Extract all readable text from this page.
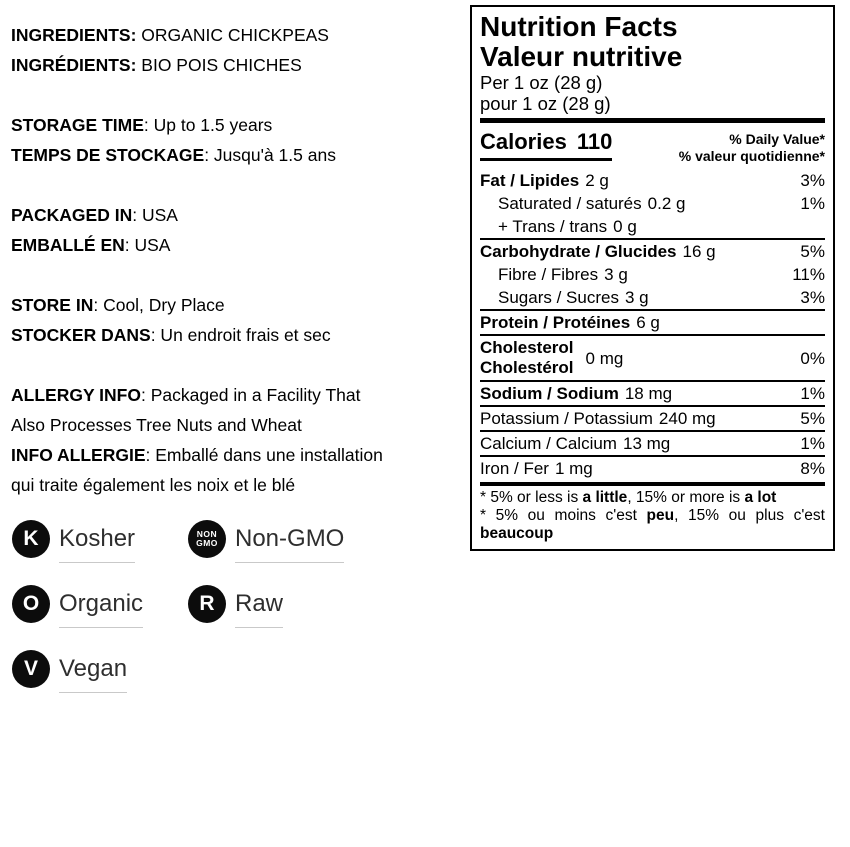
INGREDIENTS: ORGANIC CHICKPEAS

INGRÉDIENTS: BIO POIS CHICHES

STORAGE TIME: Up to 1.5 years

TEMPS DE STOCKAGE: Jusqu'à 1.5 ans

PACKAGED IN: USA

EMBALLÉ EN: USA

STORE IN: Cool, Dry Place

STOCKER DANS: Un endroit frais et sec

ALLERGY INFO: Packaged in a Facility That

Also Processes Tree Nuts and Wheat

INFO ALLERGIE: Emballé dans une installation

qui traite également les noix et le blé

K Kosher	NON
GMO Non-GMO
O Organic	R Raw
V Vegan
Nutrition Facts
Valeur nutritive

Per 1 oz (28 g)

pour 1 oz (28 g)

Calories 110	% Daily Value*
% valeur quotidienne*
Fat / Lipides 2 g	3%
Saturated / saturés 0.2 g	1%
+ Trans / trans 0 g
Carbohydrate / Glucides 16 g	5%
Fibre / Fibres 3 g	11%
Sugars / Sucres 3 g	3%
Protein / Protéines 6 g
Cholesterol
Cholestérol 0 mg	0%
Sodium / Sodium 18 mg	1%
Potassium / Potassium 240 mg	5%
Calcium / Calcium 13 mg	1%
Iron / Fer 1 mg	8%

* 5% or less is a little, 15% or more is a lot

* 5% ou moins c'est peu, 15% ou plus c'est beaucoup
